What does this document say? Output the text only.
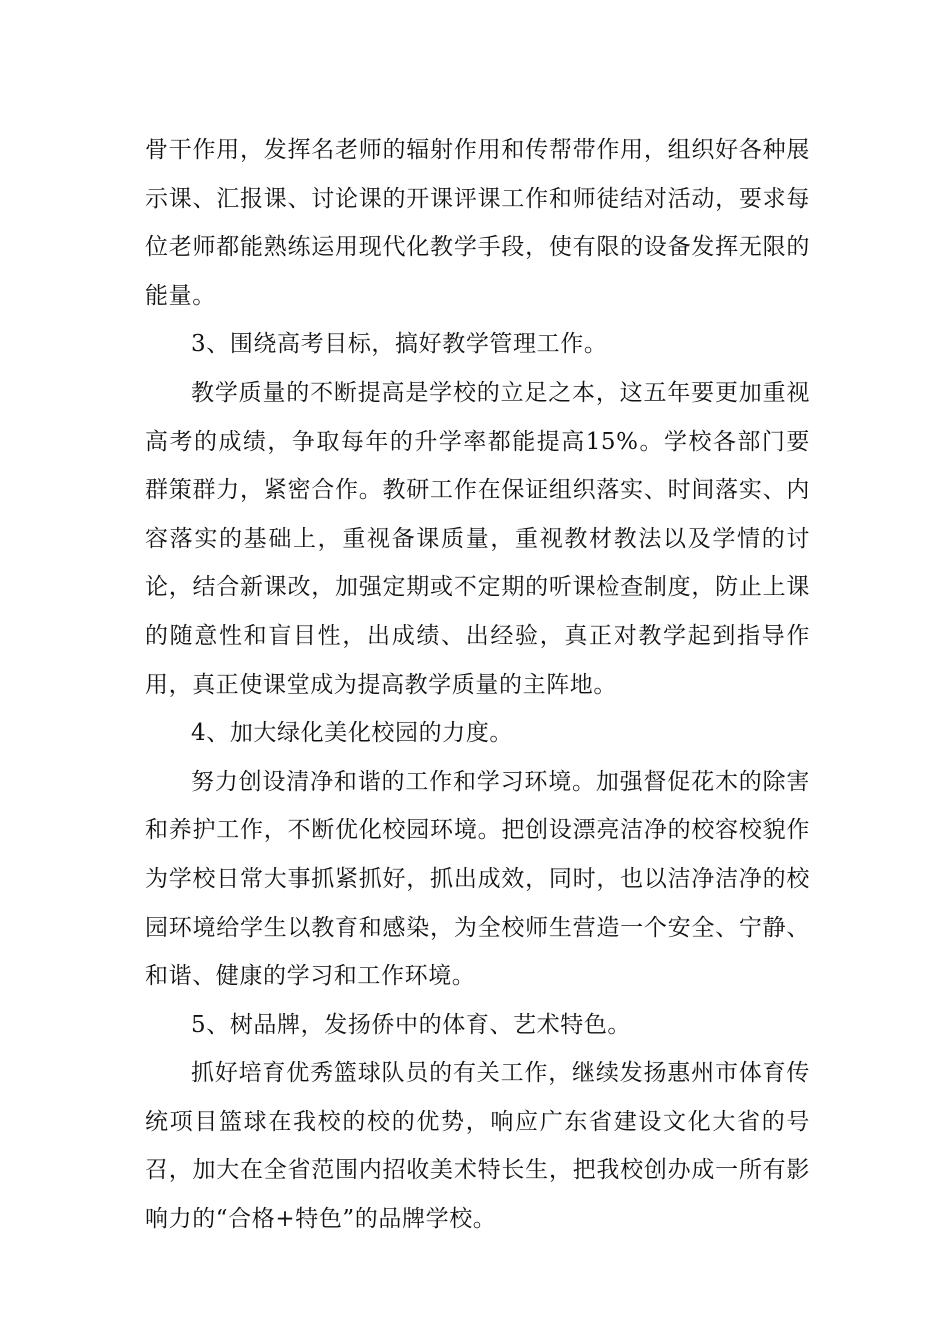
骨干作用，发挥名老师的辐射作用和传帮带作用，组织好各种展示课、汇报课、讨论课的开课评课工作和师徒结对活动，要求每位老师都能熟练运用现代化教学手段，使有限的设备发挥无限的能量。

3、围绕高考目标，搞好教学管理工作。

教学质量的不断提高是学校的立足之本，这五年要更加重视高考的成绩，争取每年的升学率都能提高15%。学校各部门要群策群力，紧密合作。教研工作在保证组织落实、时间落实、内容落实的基础上，重视备课质量，重视教材教法以及学情的讨论，结合新课改，加强定期或不定期的听课检查制度，防止上课的随意性和盲目性，出成绩、出经验，真正对教学起到指导作用，真正使课堂成为提高教学质量的主阵地。

4、加大绿化美化校园的力度。

努力创设清净和谐的工作和学习环境。加强督促花木的除害和养护工作，不断优化校园环境。把创设漂亮洁净的校容校貌作为学校日常大事抓紧抓好，抓出成效，同时，也以洁净洁净的校园环境给学生以教育和感染，为全校师生营造一个安全、宁静、和谐、健康的学习和工作环境。

5、树品牌，发扬侨中的体育、艺术特色。

抓好培育优秀篮球队员的有关工作，继续发扬惠州市体育传统项目篮球在我校的校的优势，响应广东省建设文化大省的号召，加大在全省范围内招收美术特长生，把我校创办成一所有影响力的“合格+特色”的品牌学校。
